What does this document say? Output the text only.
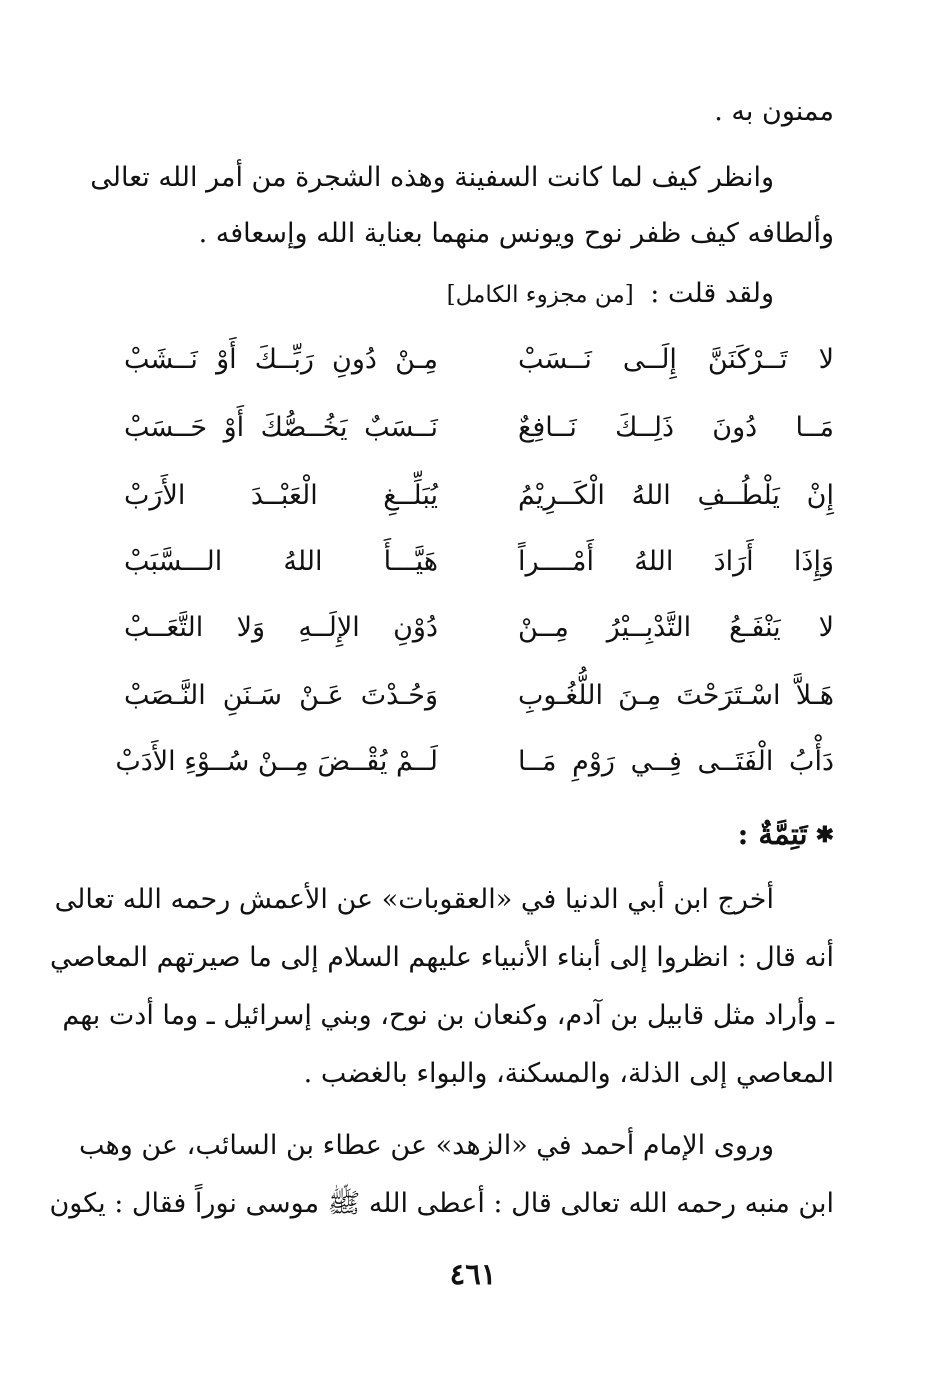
ممنون به .
وانظر كيف لما كانت السفينة وهذه الشجرة من أمر الله تعالى
وألطافه كيف ظفر نوح ويونس منهما بعناية الله وإسعافه .
ولقد قلت : [من مجزوء الكامل]
لا تَــرْكَنَنَّ إِلَــى نَــسَبْ
مِـنْ دُونِ رَبِّــكَ أَوْ نَــشَبْ
مَــا دُونَ ذَلِــكَ نَــافِعٌ
نَــسَبٌ يَخُــصُّكَ أَوْ حَــسَبْ
إِنْ يَلْطُــفِ اللهُ الْكَــرِيْمُ
يُبَلِّــغِ الْعَبْــدَ الأَرَبْ
وَإِذَا أَرَادَ اللهُ أَمْــــراً
هَيَّـــأَ اللهُ الـــسَّبَبْ
لا يَنْفَـعُ التَّدْبِــيْرُ مِــنْ
دُوْنِ الإِلَــهِ وَلا التَّعَــبْ
هَـلاَّ اسْـتَرَحْتَ مِـنَ اللُّغُـوبِ
وَحُـدْتَ عَـنْ سَـنَنِ النَّـصَبْ
دَأْبُ الْفَتَــى فِــي رَوْمِ مَــا
لَــمْ يُقْــضَ مِــنْ سُــوْءِ الأَدَبْ
✱تَتِمَّةٌ :
أخرج ابن أبي الدنيا في «العقوبات» عن الأعمش رحمه الله تعالى
أنه قال : انظروا إلى أبناء الأنبياء عليهم السلام إلى ما صيرتهم المعاصي
ـ وأراد مثل قابيل بن آدم، وكنعان بن نوح، وبني إسرائيل ـ وما أدت بهم
المعاصي إلى الذلة، والمسكنة، والبواء بالغضب .
وروى الإمام أحمد في «الزهد» عن عطاء بن السائب، عن وهب
ابن منبه رحمه الله تعالى قال : أعطى الله ﷺ موسى نوراً فقال : يكون
٤٦١
